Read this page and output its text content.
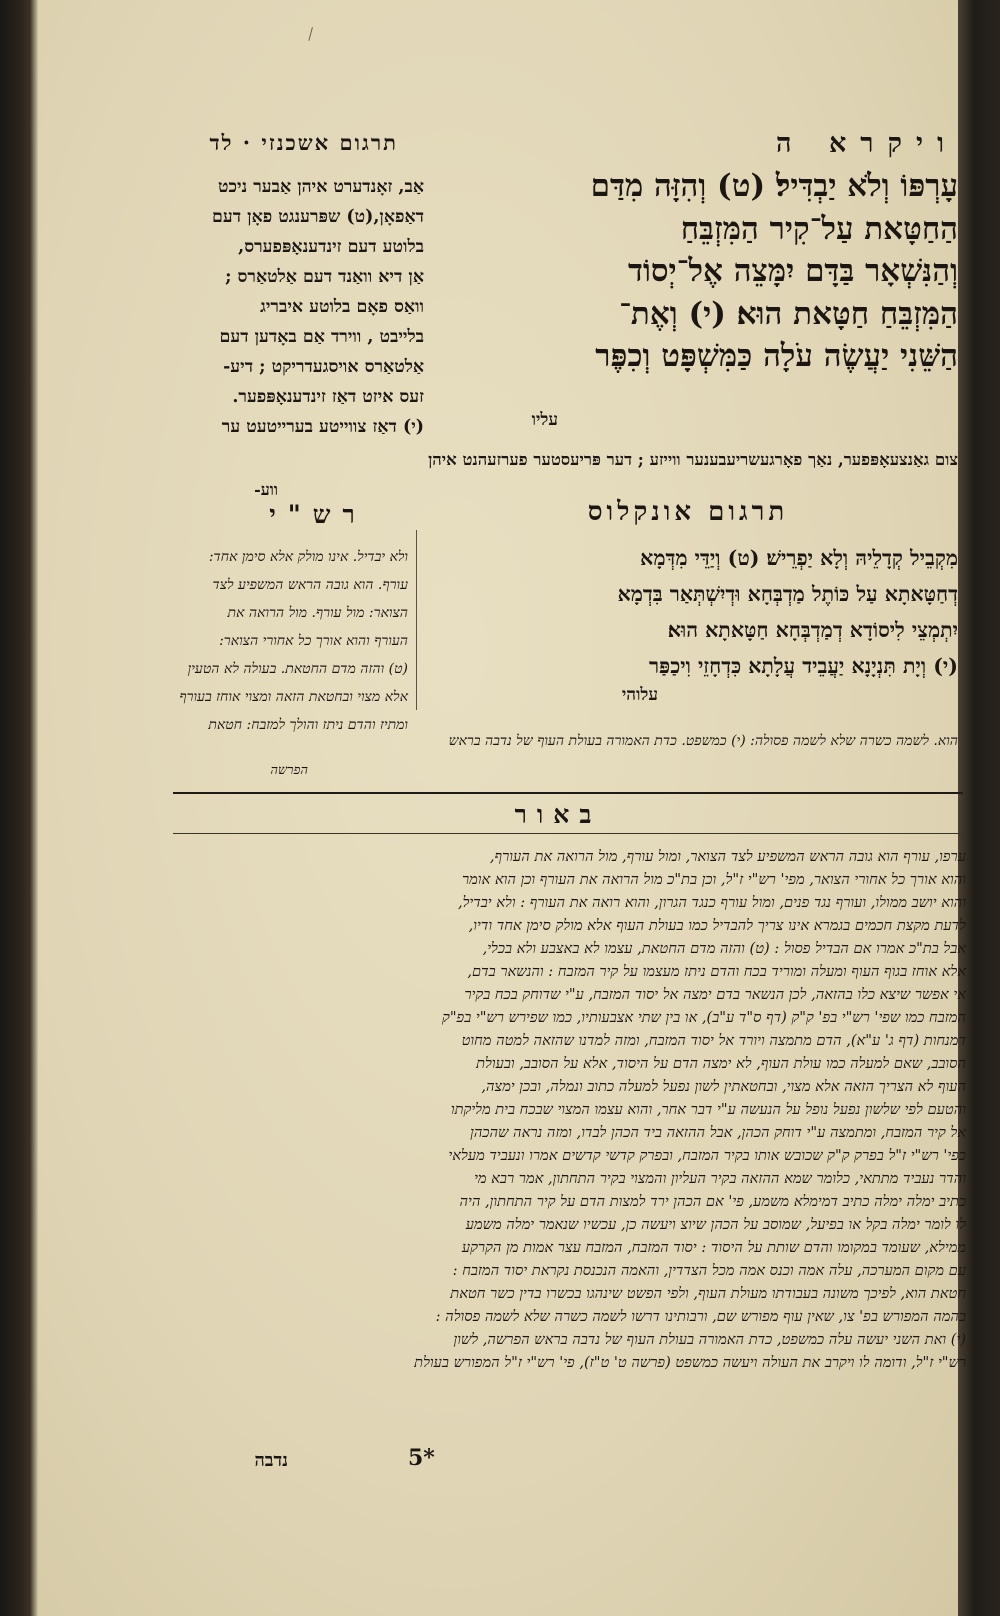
ויקרא ה
תרגום אשכנזי · לד

עָרְפּוֹ וְלֹא יַבְדִּיל׃ (ט) וְהִזָּה מִדַּם

הַחַטָּאת עַל־קִיר הַמִּזְבֵּחַ

וְהַנִּשְׁאָר בַּדָּם יִמָּצֵה אֶל־יְסוֹד

הַמִּזְבֵּחַ חַטָּאת הוּא׃ (י) וְאֶת־

הַשֵּׁנִי יַעֲשֶׂה עֹלָה כַּמִּשְׁפָּט וְכִפֶּר

עליו

אַב, זאָנדערט איהן אַבער ניכט

דאַפאָן,(ט) שפּרענגט פאָן דעם

בלוטע דעם זינדענאָפּפערס,

אַן דיא וואַנד דעם אַלטאַרס ;

וואַס פאָם בלוטע איבריג

בלייבט , ווירד אַם באָדען דעם

אַלטאַרס אויסגעדריקט ; דיע-

זעס איזט דאַז זינדענאָפּפער.

(י) דאַז צווייטע בערייטעט ער

צום גאַנצעאָפּפער, נאַך פאָרגעשריעבענער ווייזע ; דער פּריעסטער פערזעהנט איהן
ווע-
תרגום אונקלוס

מִקְבֵיל קְדָלֵיהּ וְלָא יַפְרֵישׁ׃ (ט) וְיַדֵּי מִדְּמָא

דְחַטָּאתָא עַל כּוֹתֶל מַדְבְּחָא וּדְיִשְׁתְּאַר בִּדְמָא

יִתְמְצֵי לִיסוֹדָא דְמַדְבְּחָא חַטָּאתָא הוּא׃

(י) וְיָת תִּנְיָנָא יַעֲבֵיד עֲלָתָא כִּדְחָזֵי וִיכַפַּר

עלוהי
רש"י

ולא יבדיל. אינו מולק אלא סימן אחד:

עורף. הוא גובה הראש המשפיע לצד

הצואר: מול עורף. מול הרואה את

העורף והוא אורך כל אחורי הצואר:

(ט) והזה מדם החטאת. בעולה לא הטעין

אלא מצוי ובחטאת הזאה ומצוי אוחז בעורף

ומתיז והדם ניתז והולך למזבח: חטאת

הוא. לשמה כשרה שלא לשמה פסולה: (י) כמשפט. כדת האמורה בעולת העוף של נדבה בראש
הפרשה
באור

ערפו, עורף הוא גובה הראש המשפיע לצד הצואר, ומול עורף, מול הרואה את העורף,

והוא אורך כל אחורי הצואר, מפי' רש"י ז"ל, וכן בת"כ מול הרואה את העורף וכן הוא אומר

והוא יושב ממולו, ועורף נגד פנים, ומול עורף כנגד הגרון, והוא רואה את העורף : ולא יבדיל,

לדעת מקצת חכמים בגמרא אינו צריך להבדיל כמו בעולת העוף אלא מולק סימן אחד ודיו,

אבל בת"כ אמרו אם הבדיל פסול : (ט) והזה מדם החטאת, עצמו לא באצבע ולא בכלי,

אלא אוחז בגוף העוף ומעלה ומוריד בכח והדם ניתז מעצמו על קיר המזבח : והנשאר בדם,

אי אפשר שיצא כלו בהזאה, לכן הנשאר בדם ימצה אל יסוד המזבח, ע"י שדוחק בכח בקיר

המזבח כמו שפי' רש"י בפ' ק"ק (דף ס"ד ע"ב), או בין שתי אצבעותיו, כמו שפירש רש"י בפ"ק

דמנחות (דף ג' ע"א), הדם מתמצה ויורד אל יסוד המזבח, ומזה למדנו שהזאה למטה מחוט

הסובב, שאם למעלה כמו עולת העוף, לא ימצה הדם על היסוד, אלא על הסובב, ובעולת

העוף לא הצריך הזאה אלא מצוי, ובחטאתין לשון נפעל למעלה כתוב ונמלה, ובכן ימצה,

והטעם לפי שלשון נפעל נופל על הנעשה ע"י דבר אחר, והוא עצמו המצוי שבכח בית מליקתו

אל קיר המזבח, ומתמצה ע"י דוחק הכהן, אבל ההזאה ביד הכהן לבדו, ומזה נראה שהכהן

כפי' רש"י ז"ל בפרק ק"ק שכובש אותו בקיר המזבח, ובפרק קדשי קדשים אמרו ונעביד מעלאי

והדר נעביד מתתאי, כלומר שמא ההזאה בקיר העליון והמצוי בקיר התחתון, אמר רבא מי

כתיב ימלה ימלה כתיב דמימלא משמע, פי' אם הכהן ירד למצות הדם על קיר התחתון, היה

לו לומר ימלה בקל או בפיעל, שמוסב על הכהן שיוצ ויעשה כן, עכשיו שנאמר ימלה משמע

ממילא, שעומד במקומו והדם שותת על היסוד : יסוד המזבח, המזבח עצר אמות מן הקרקע

עם מקום המערכה, עלה אמה וכנס אמה מכל הצדדין, והאמה הנכנסת נקראת יסוד המזבח :

חטאת הוא, לפיכך משונה בעבודתו מעולת העוף, ולפי הפשט שינהגו בכשרו בדין כשר חטאת

בהמה המפורש בפ' צו, שאין עוף מפורש שם, ורבותינו דרשו לשמה כשרה שלא לשמה פסולה :

(י) ואת השני יעשה עלה כמשפט, כדת האמורה בעולת העוף של נדבה בראש הפרשה, לשון

רש"י ז"ל, ודומה לו ויקרב את העולה ויעשה כמשפט (פרשה ט' ט"ז), פי' רש"י ז"ל המפורש בעולת

5*
נדבה
